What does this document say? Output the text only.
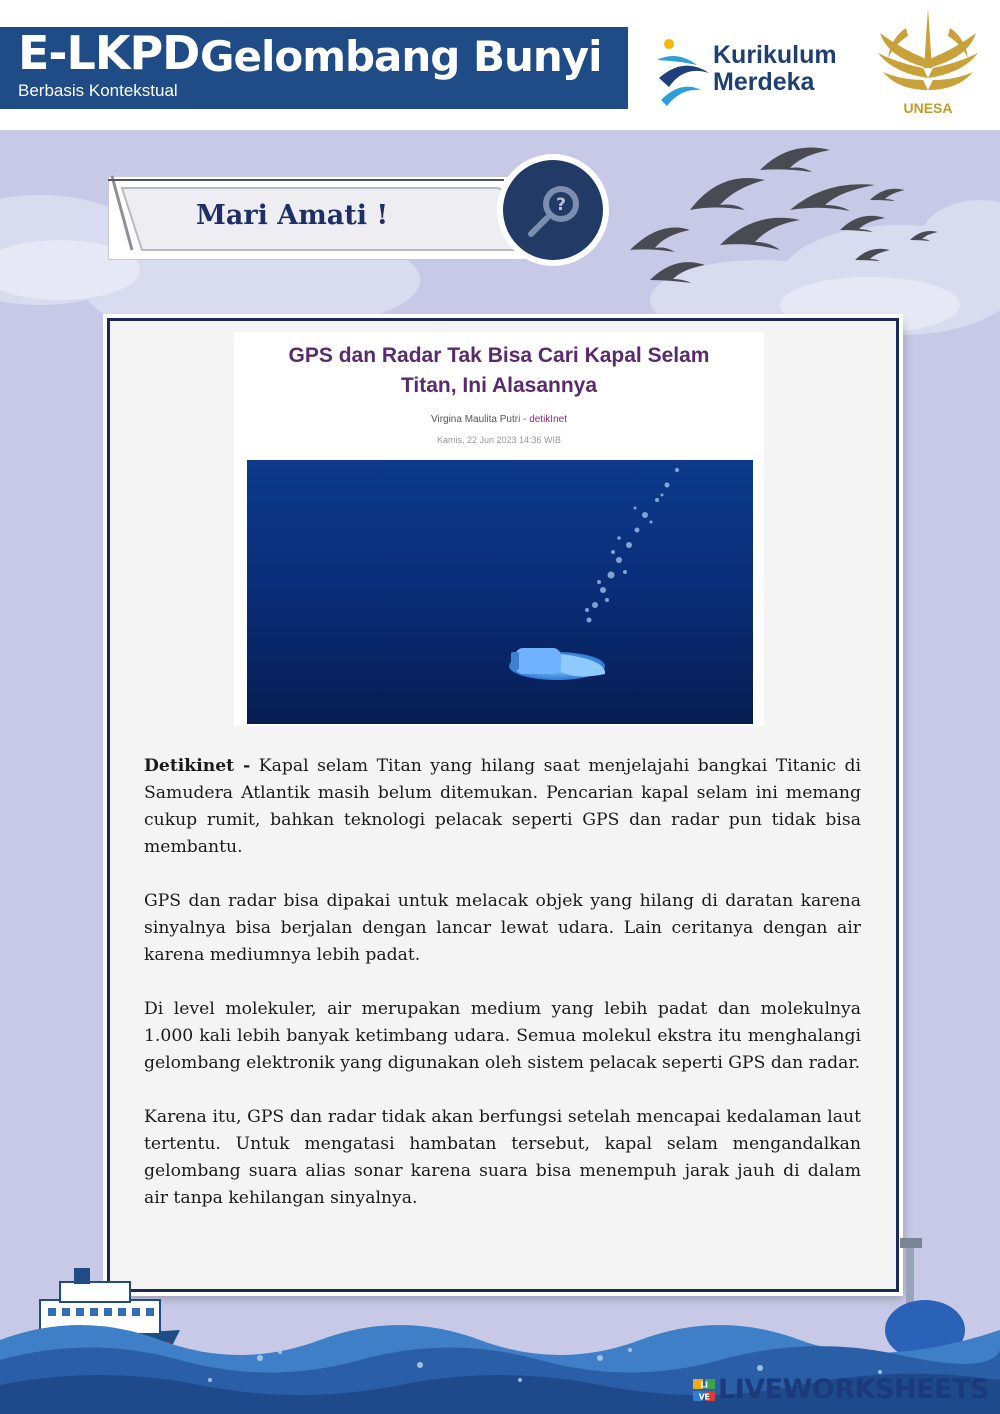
E-LKPD Gelombang Bunyi
Berbasis Kontekstual
Kurikulum
Merdeka
UNESA
Mari Amati !	?
GPS dan Radar Tak Bisa Cari Kapal Selam
Titan, Ini Alasannya
Virgina Maulita Putri - detikInet
Kamis, 22 Jun 2023 14:36 WIB

Detikinet - Kapal selam Titan yang hilang saat menjelajahi bangkai Titanic di Samudera Atlantik masih belum ditemukan. Pencarian kapal selam ini memang cukup rumit, bahkan teknologi pelacak seperti GPS dan radar pun tidak bisa membantu.

GPS dan radar bisa dipakai untuk melacak objek yang hilang di daratan karena sinyalnya bisa berjalan dengan lancar lewat udara. Lain ceritanya dengan air karena mediumnya lebih padat.

Di level molekuler, air merupakan medium yang lebih padat dan molekulnya 1.000 kali lebih banyak ketimbang udara. Semua molekul ekstra itu menghalangi gelombang elektronik yang digunakan oleh sistem pelacak seperti GPS dan radar.

Karena itu, GPS dan radar tidak akan berfungsi setelah mencapai kedalaman laut tertentu. Untuk mengatasi hambatan tersebut, kapal selam mengandalkan gelombang suara alias sonar karena suara bisa menempuh jarak jauh di dalam air tanpa kehilangan sinyalnya.

LI
VE LIVEWORKSHEETS
